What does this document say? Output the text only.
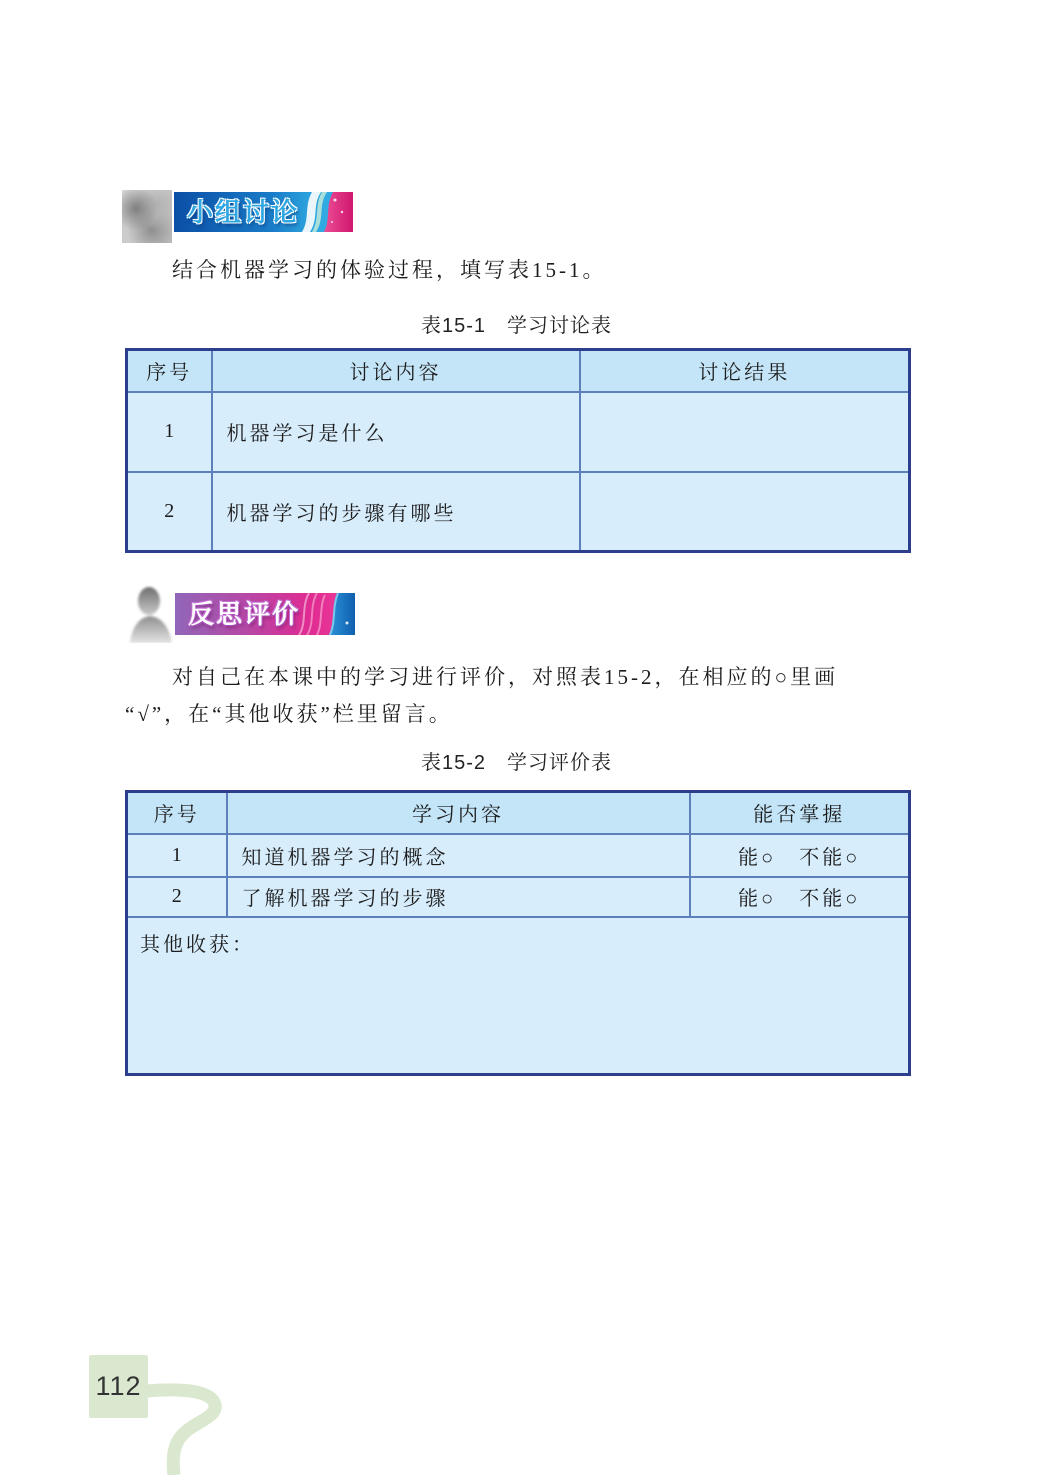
小组讨论
结合机器学习的体验过程，填写表15-1。
表15-1　学习讨论表
序号	讨论内容	讨论结果
1	机器学习是什么	
2	机器学习的步骤有哪些	
反思评价
对自己在本课中的学习进行评价，对照表15-2，在相应的○里画
“√”，在“其他收获”栏里留言。
表15-2　学习评价表
序号	学习内容	能否掌握
1	知道机器学习的概念	能○　不能○
2	了解机器学习的步骤	能○　不能○
其他收获：		
112
